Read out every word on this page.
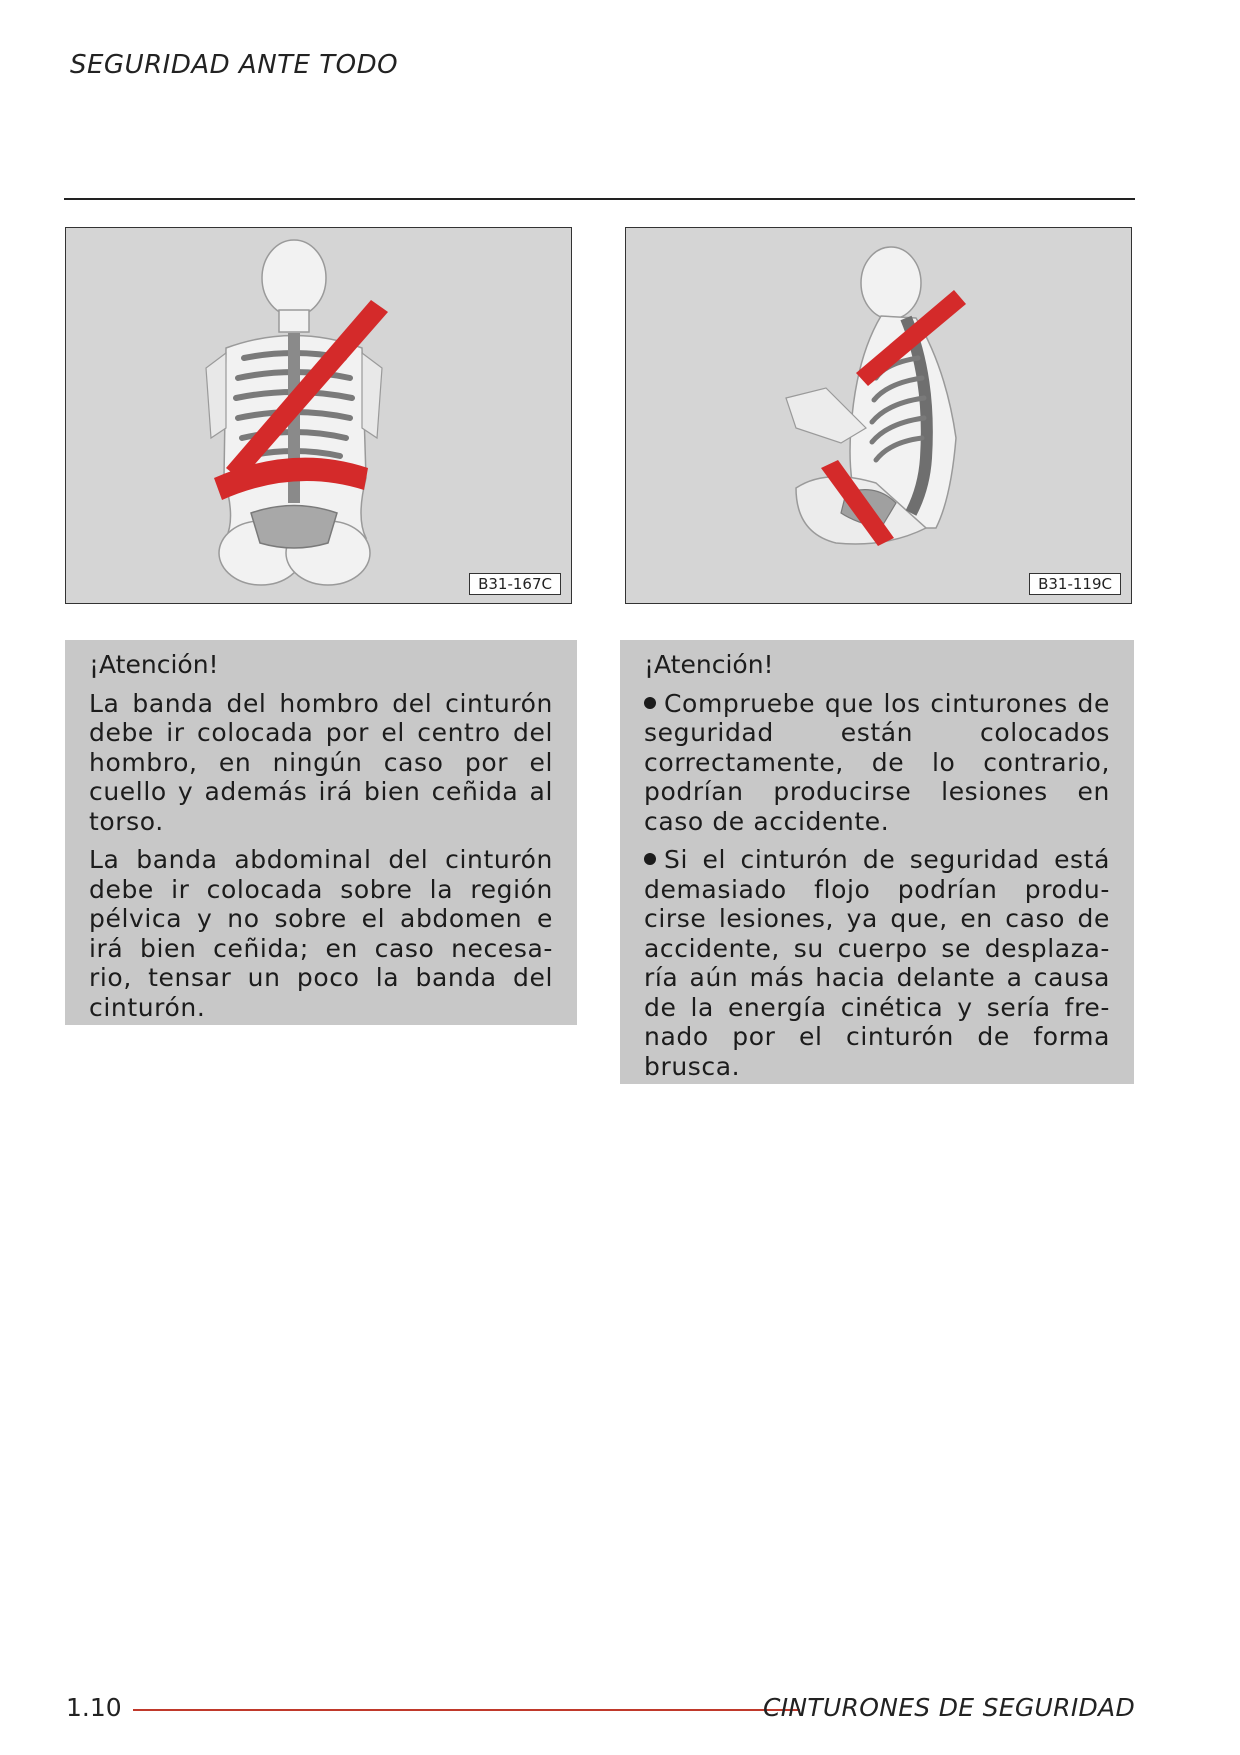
SEGURIDAD ANTE TODO
B31-167C	B31-119C
¡Atención!

La banda del hombro del cinturón debe ir colocada por el centro del hombro, en ningún caso por el cuello y además irá bien ceñida al torso.

La banda abdominal del cinturón debe ir colocada sobre la región pélvica y no sobre el abdomen e irá bien ceñida; en caso necesa-rio, tensar un poco la banda del cinturón.

¡Atención!

Compruebe que los cinturones de seguridad están colocados correctamente, de lo contrario, podrían producirse lesiones en caso de accidente.

Si el cinturón de seguridad está demasiado flojo podrían produ-cirse lesiones, ya que, en caso de accidente, su cuerpo se desplaza-ría aún más hacia delante a causa de la energía cinética y sería fre-nado por el cinturón de forma brusca.

1.10	CINTURONES DE SEGURIDAD
